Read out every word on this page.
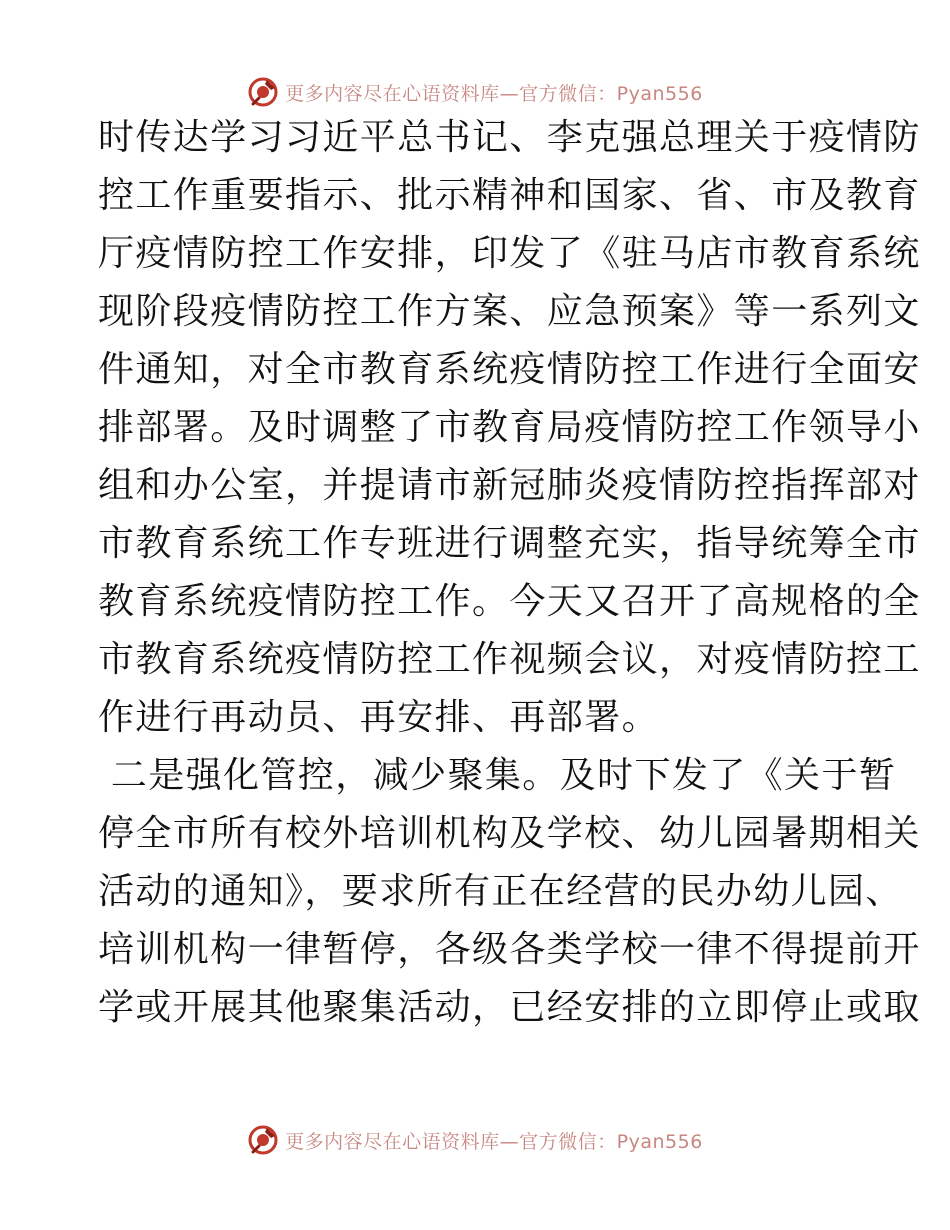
更多内容尽在心语资料库—官方微信：Pyan556
时传达学习习近平总书记、李克强总理关于疫情防
控工作重要指示、批示精神和国家、省、市及教育
厅疫情防控工作安排，印发了《驻马店市教育系统
现阶段疫情防控工作方案、应急预案》等一系列文
件通知，对全市教育系统疫情防控工作进行全面安
排部署。及时调整了市教育局疫情防控工作领导小
组和办公室，并提请市新冠肺炎疫情防控指挥部对
市教育系统工作专班进行调整充实，指导统筹全市
教育系统疫情防控工作。今天又召开了高规格的全
市教育系统疫情防控工作视频会议，对疫情防控工
作进行再动员、再安排、再部署。
二是强化管控，减少聚集。及时下发了《关于暂
停全市所有校外培训机构及学校、幼儿园暑期相关
活动的通知》，要求所有正在经营的民办幼儿园、
培训机构一律暂停，各级各类学校一律不得提前开
学或开展其他聚集活动，已经安排的立即停止或取
更多内容尽在心语资料库—官方微信：Pyan556
